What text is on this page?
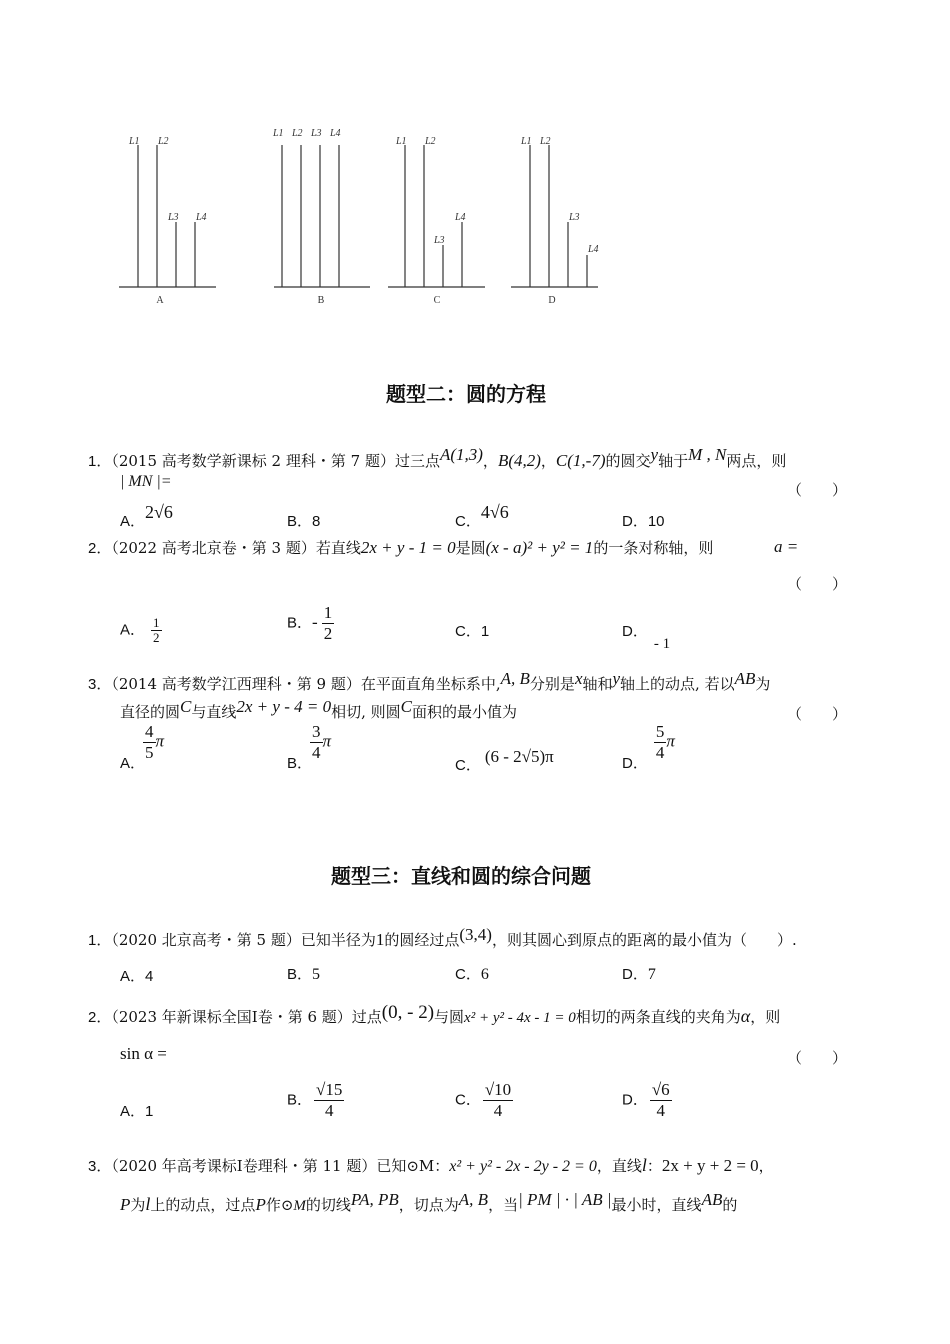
L1 L2
L3 L4
L1 L2 L3 L4
L1 L2
L3
L4
L1 L2
L3
L4
A	B	C	D
题型二：圆的方程
1．（2015 高考数学新课标 2 理科・第 7 题）过三点A(1,3)，B(4,2)，C(1,-7)的圆交y轴于M , N两点，则
| MN |=	（　　）
A．2√6	B．8	C．4√6	D．10
2．（2022 高考北京卷・第 3 题）若直线2x + y - 1 = 0是圆(x - a)² + y² = 1的一条对称轴，则	a =
（　　）
A． $\frac{1}{2}$	B．- $\frac{1}{2}$	C．1	D．- 1
3．（2014 高考数学江西理科・第 9 题）在平面直角坐标系中,A, B分别是x轴和y轴上的动点, 若以AB为
直径的圆C与直线2x + y - 4 = 0相切, 则圆C面积的最小值为	（　　）
A．
$\frac{4}{5}$ π
B．
$\frac{3}{4}$ π
C． (6 - 2√5)π	D．
$\frac{5}{4}$ π
题型三：直线和圆的综合问题
1．（2020 北京高考・第 5 题）已知半径为1的圆经过点(3,4)，则其圆心到原点的距离的最小值为（　　）.
A．4	B．5	C．6	D．7
2．（2023 年新课标全国Ⅰ卷・第 6 题）过点(0, - 2)与圆x² + y² - 4x - 1 = 0相切的两条直线的夹角为α，则
sin α =	（　　）
A．1
B． $\frac{√15}{4}$	C． $\frac{√10}{4}$	D． $\frac{√6}{4}$
3．（2020 年高考课标Ⅰ卷理科・第 11 题）已知⊙M：x² + y² - 2x - 2y - 2 = 0，直线l：2x + y + 2 = 0，
P为l上的动点，过点P作⊙M的切线PA, PB，切点为A, B，当| PM | · | AB |最小时，直线AB的
